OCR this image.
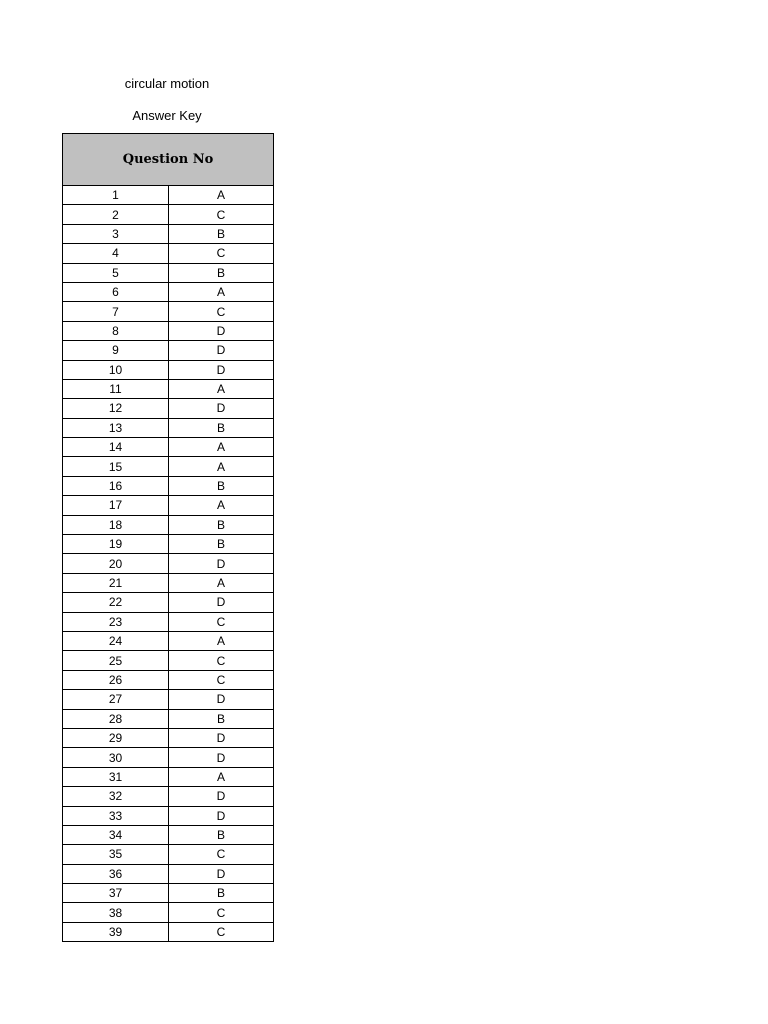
circular motion
Answer Key
Question No	
1	A
2	C
3	B
4	C
5	B
6	A
7	C
8	D
9	D
10	D
11	A
12	D
13	B
14	A
15	A
16	B
17	A
18	B
19	B
20	D
21	A
22	D
23	C
24	A
25	C
26	C
27	D
28	B
29	D
30	D
31	A
32	D
33	D
34	B
35	C
36	D
37	B
38	C
39	C
